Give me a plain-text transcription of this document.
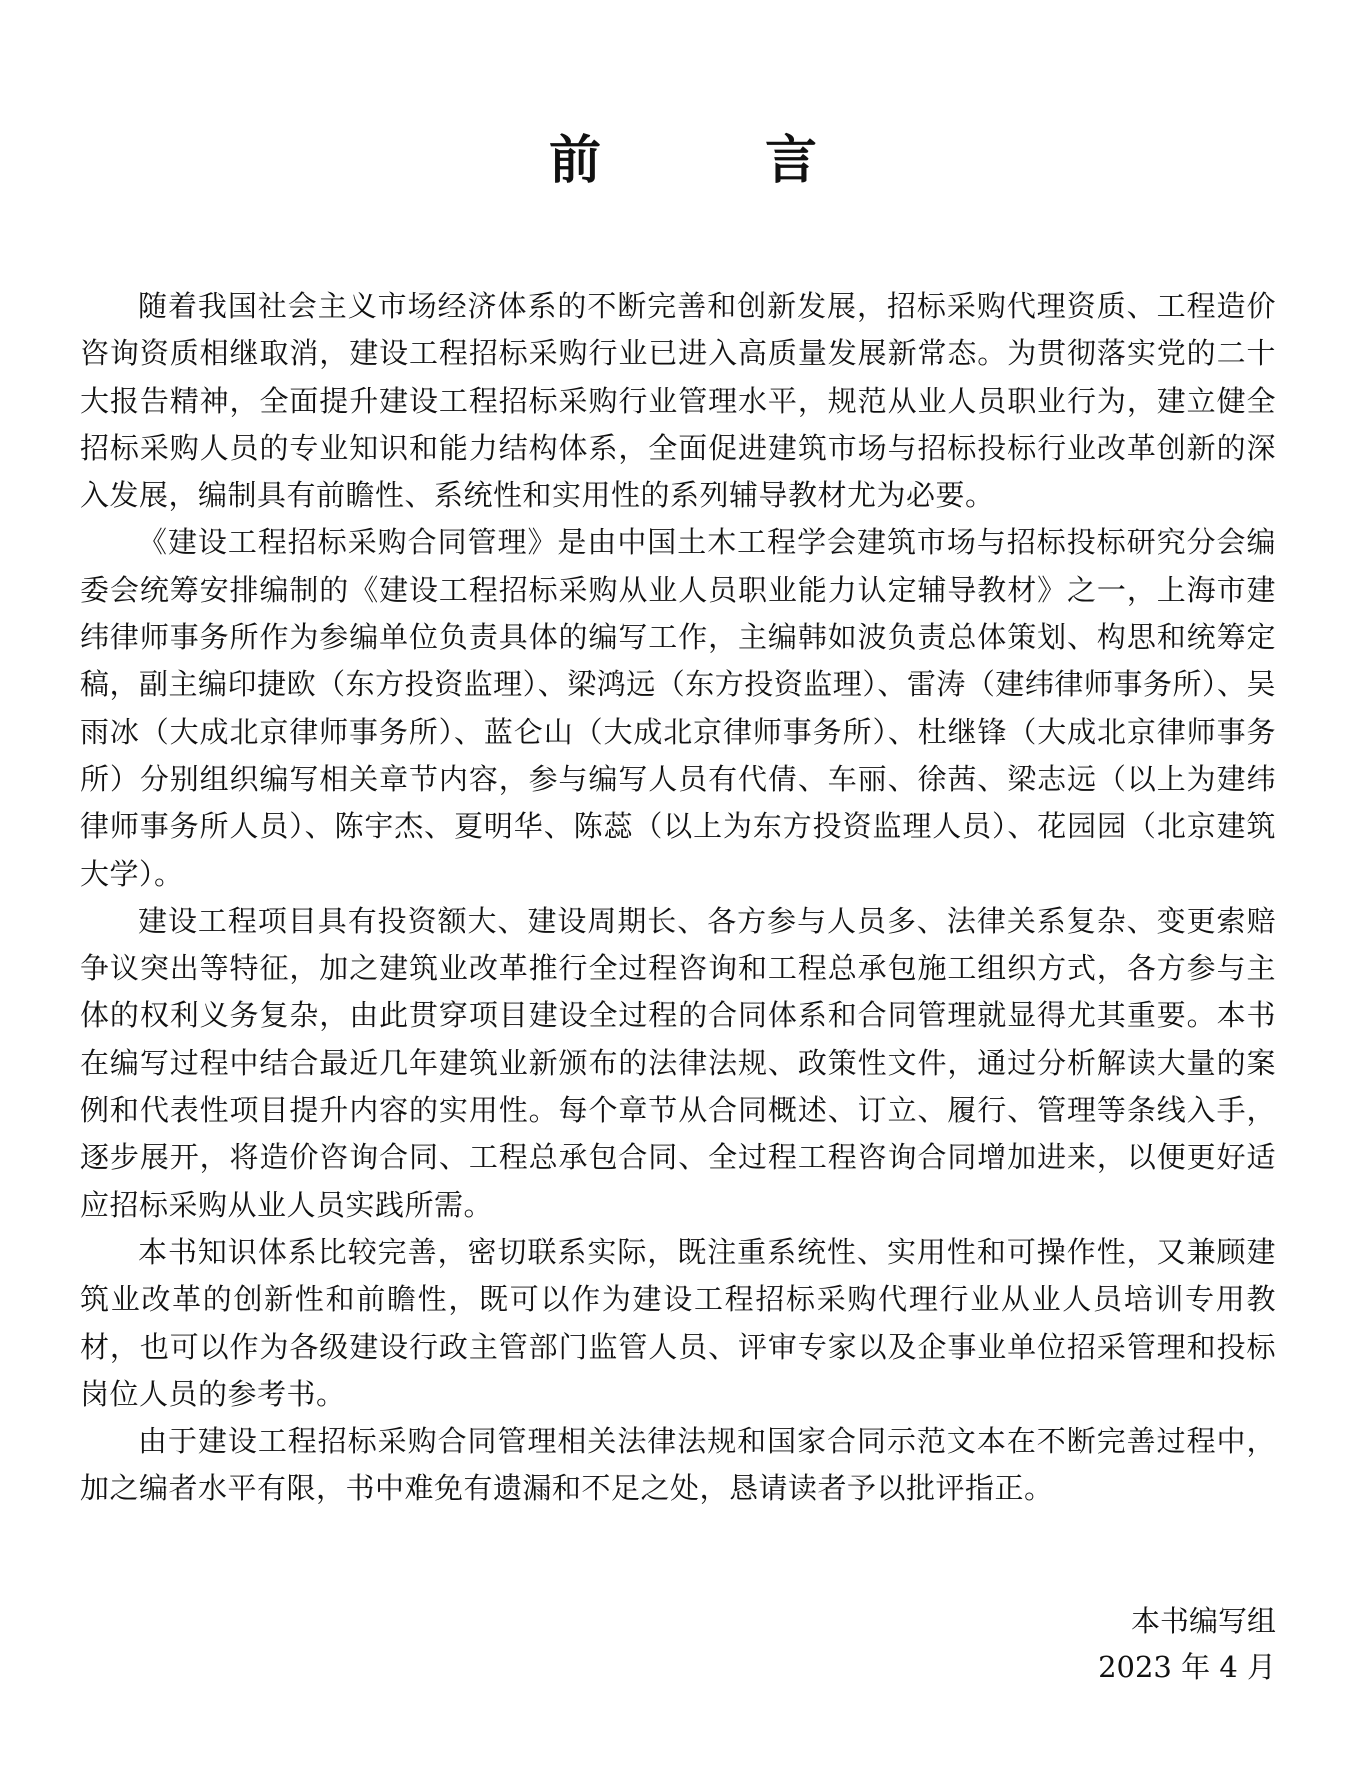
前　言

随着我国社会主义市场经济体系的不断完善和创新发展，招标采购代理资质、工程造价咨询资质相继取消，建设工程招标采购行业已进入高质量发展新常态。为贯彻落实党的二十大报告精神，全面提升建设工程招标采购行业管理水平，规范从业人员职业行为，建立健全招标采购人员的专业知识和能力结构体系，全面促进建筑市场与招标投标行业改革创新的深入发展，编制具有前瞻性、系统性和实用性的系列辅导教材尤为必要。

《建设工程招标采购合同管理》是由中国土木工程学会建筑市场与招标投标研究分会编委会统筹安排编制的《建设工程招标采购从业人员职业能力认定辅导教材》之一，上海市建纬律师事务所作为参编单位负责具体的编写工作，主编韩如波负责总体策划、构思和统筹定稿，副主编印捷欧（东方投资监理）、梁鸿远（东方投资监理）、雷涛（建纬律师事务所）、吴雨冰（大成北京律师事务所）、蓝仑山（大成北京律师事务所）、杜继锋（大成北京律师事务所）分别组织编写相关章节内容，参与编写人员有代倩、车丽、徐茜、梁志远（以上为建纬律师事务所人员）、陈宇杰、夏明华、陈蕊（以上为东方投资监理人员）、花园园（北京建筑大学）。

建设工程项目具有投资额大、建设周期长、各方参与人员多、法律关系复杂、变更索赔争议突出等特征，加之建筑业改革推行全过程咨询和工程总承包施工组织方式，各方参与主体的权利义务复杂，由此贯穿项目建设全过程的合同体系和合同管理就显得尤其重要。本书在编写过程中结合最近几年建筑业新颁布的法律法规、政策性文件，通过分析解读大量的案例和代表性项目提升内容的实用性。每个章节从合同概述、订立、履行、管理等条线入手，逐步展开，将造价咨询合同、工程总承包合同、全过程工程咨询合同增加进来，以便更好适应招标采购从业人员实践所需。

本书知识体系比较完善，密切联系实际，既注重系统性、实用性和可操作性，又兼顾建筑业改革的创新性和前瞻性，既可以作为建设工程招标采购代理行业从业人员培训专用教材，也可以作为各级建设行政主管部门监管人员、评审专家以及企事业单位招采管理和投标岗位人员的参考书。

由于建设工程招标采购合同管理相关法律法规和国家合同示范文本在不断完善过程中，加之编者水平有限，书中难免有遗漏和不足之处，恳请读者予以批评指正。

本书编写组
2023 年 4 月
